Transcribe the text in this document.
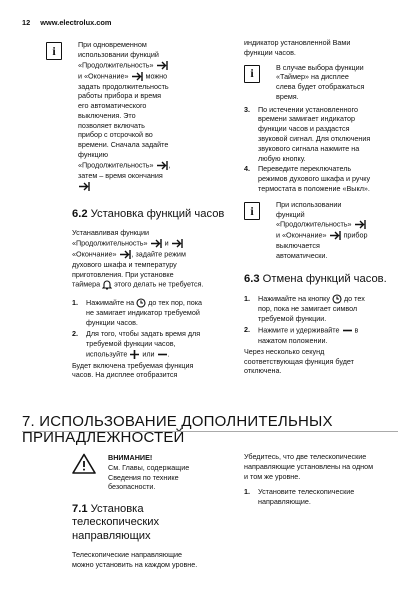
12 www.electrolux.com
i	При одновременном
использовании функций
«Продолжительность»
и «Окончание» можно
задать продолжительность
работы прибора и время
его автоматического
выключения. Это
позволяет включать
прибор с отсрочкой во
времени. Сначала задайте
функцию
«Продолжительность» ,
затем – время окончания
6.2 Установка функций часов
Устанавливая функции
«Продолжительность» и
«Окончание» , задайте режим
духового шкафа и температуру
приготовления. При установке
таймера этого делать не требуется.
1. Нажимайте на до тех пор, пока
не замигает индикатор требуемой
функции часов.
2. Для того, чтобы задать время для
требуемой функции часов,
используйте или .
Будет включена требуемая функция
часов. На дисплее отобразится
индикатор установленной Вами
функции часов.
i	В случае выбора функции
«Таймер» на дисплее
слева будет отображаться
время.
3. По истечении установленного
времени замигает индикатор
функции часов и раздастся
звуковой сигнал. Для отключения
звукового сигнала нажмите на
любую кнопку.
4. Переведите переключатель
режимов духового шкафа и ручку
термостата в положение «Выкл».
i	При использовании
функций
«Продолжительность»
и «Окончание» прибор
выключается
автоматически.
6.3 Отмена функций часов.
1. Нажимайте на кнопку до тех
пор, пока не замигает символ
требуемой функции.
2. Нажмите и удерживайте в
нажатом положении.
Через несколько секунд
соответствующая функция будет
отключена.
7. ИСПОЛЬЗОВАНИЕ ДОПОЛНИТЕЛЬНЫХ
ПРИНАДЛЕЖНОСТЕЙ
ВНИМАНИЕ!
См. Главы, содержащие
Сведения по технике
безопасности.
7.1 Установка
телескопических
направляющих
Телескопические направляющие
можно установить на каждом уровне.
Убедитесь, что две телескопические
направляющие установлены на одном
и том же уровне.
1. Установите телескопические
направляющие.
